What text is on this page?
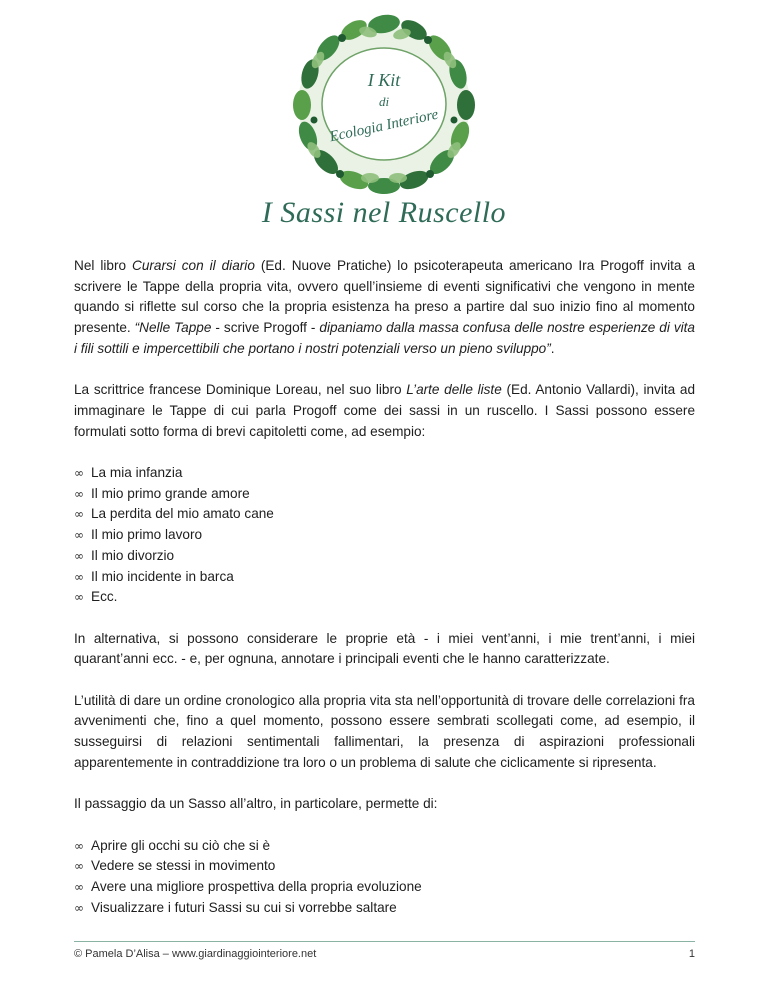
I Kit
di
Ecologia Interiore
I Sassi nel Ruscello

Nel libro Curarsi con il diario (Ed. Nuove Pratiche) lo psicoterapeuta americano Ira Progoff invita a scrivere le Tappe della propria vita, ovvero quell’insieme di eventi significativi che vengono in mente quando si riflette sul corso che la propria esistenza ha preso a partire dal suo inizio fino al momento presente. “Nelle Tappe - scrive Progoff - dipaniamo dalla massa confusa delle nostre esperienze di vita i fili sottili e impercettibili che portano i nostri potenziali verso un pieno sviluppo”.

La scrittrice francese Dominique Loreau, nel suo libro L’arte delle liste (Ed. Antonio Vallardi), invita ad immaginare le Tappe di cui parla Progoff come dei sassi in un ruscello. I Sassi possono essere formulati sotto forma di brevi capitoletti come, ad esempio:

∞ La mia infanzia
∞ Il mio primo grande amore
∞ La perdita del mio amato cane
∞ Il mio primo lavoro
∞ Il mio divorzio
∞ Il mio incidente in barca
∞ Ecc.

In alternativa, si possono considerare le proprie età - i miei vent’anni, i mie trent’anni, i miei quarant’anni ecc. - e, per ognuna, annotare i principali eventi che le hanno caratterizzate.

L’utilità di dare un ordine cronologico alla propria vita sta nell’opportunità di trovare delle correlazioni fra avvenimenti che, fino a quel momento, possono essere sembrati scollegati come, ad esempio, il susseguirsi di relazioni sentimentali fallimentari, la presenza di aspirazioni professionali apparentemente in contraddizione tra loro o un problema di salute che ciclicamente si ripresenta.

Il passaggio da un Sasso all’altro, in particolare, permette di:

∞ Aprire gli occhi su ciò che si è
∞ Vedere se stessi in movimento
∞ Avere una migliore prospettiva della propria evoluzione
∞ Visualizzare i futuri Sassi su cui si vorrebbe saltare
© Pamela D’Alisa – www.giardinaggiointeriore.net	1
